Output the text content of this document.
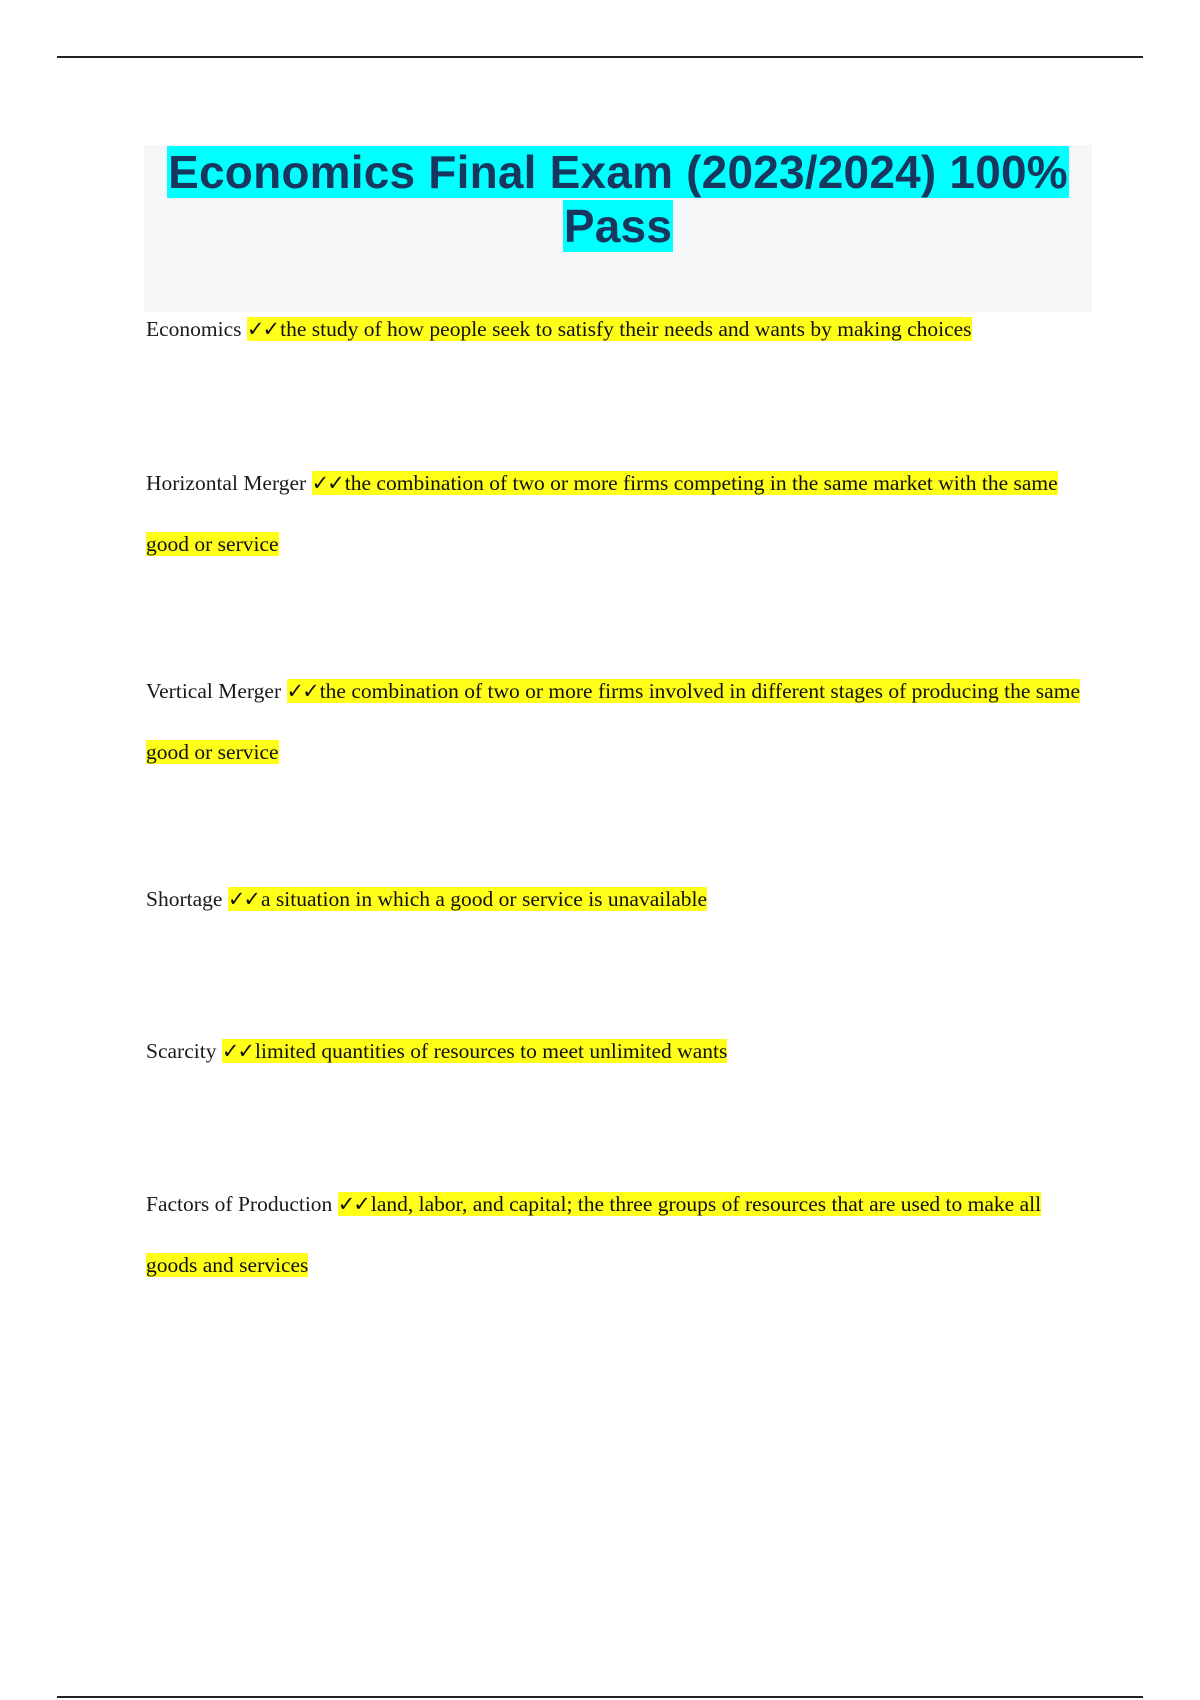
Economics Final Exam (2023/2024) 100%
Pass

Economics ✓✓the study of how people seek to satisfy their needs and wants by making choices

Horizontal Merger ✓✓the combination of two or more firms competing in the same market with the same good or service

Vertical Merger ✓✓the combination of two or more firms involved in different stages of producing the same good or service

Shortage ✓✓a situation in which a good or service is unavailable

Scarcity ✓✓limited quantities of resources to meet unlimited wants

Factors of Production ✓✓land, labor, and capital; the three groups of resources that are used to make all goods and services
